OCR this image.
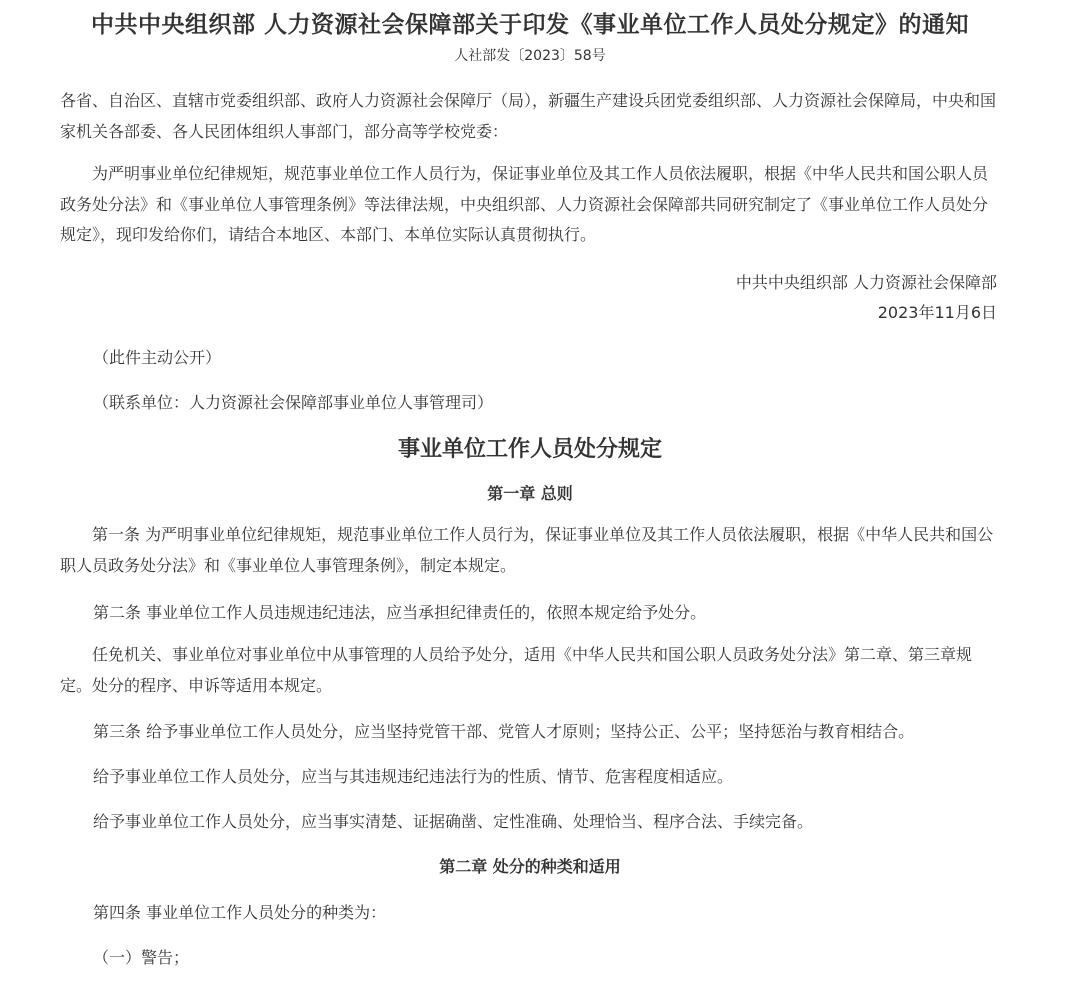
中共中央组织部 人力资源社会保障部关于印发《事业单位工作人员处分规定》的通知
人社部发〔2023〕58号

各省、自治区、直辖市党委组织部、政府人力资源社会保障厅（局），新疆生产建设兵团党委组织部、人力资源社会保障局，中央和国家机关各部委、各人民团体组织人事部门，部分高等学校党委：

为严明事业单位纪律规矩，规范事业单位工作人员行为，保证事业单位及其工作人员依法履职，根据《中华人民共和国公职人员政务处分法》和《事业单位人事管理条例》等法律法规，中央组织部、人力资源社会保障部共同研究制定了《事业单位工作人员处分规定》，现印发给你们，请结合本地区、本部门、本单位实际认真贯彻执行。

中共中央组织部 人力资源社会保障部
2023年11月6日
（此件主动公开）
（联系单位：人力资源社会保障部事业单位人事管理司）
事业单位工作人员处分规定
第一章 总则

第一条 为严明事业单位纪律规矩，规范事业单位工作人员行为，保证事业单位及其工作人员依法履职，根据《中华人民共和国公职人员政务处分法》和《事业单位人事管理条例》，制定本规定。

第二条 事业单位工作人员违规违纪违法，应当承担纪律责任的，依照本规定给予处分。

任免机关、事业单位对事业单位中从事管理的人员给予处分，适用《中华人民共和国公职人员政务处分法》第二章、第三章规定。处分的程序、申诉等适用本规定。

第三条 给予事业单位工作人员处分，应当坚持党管干部、党管人才原则；坚持公正、公平；坚持惩治与教育相结合。
给予事业单位工作人员处分，应当与其违规违纪违法行为的性质、情节、危害程度相适应。
给予事业单位工作人员处分，应当事实清楚、证据确凿、定性准确、处理恰当、程序合法、手续完备。
第二章 处分的种类和适用
第四条 事业单位工作人员处分的种类为：
（一）警告；
